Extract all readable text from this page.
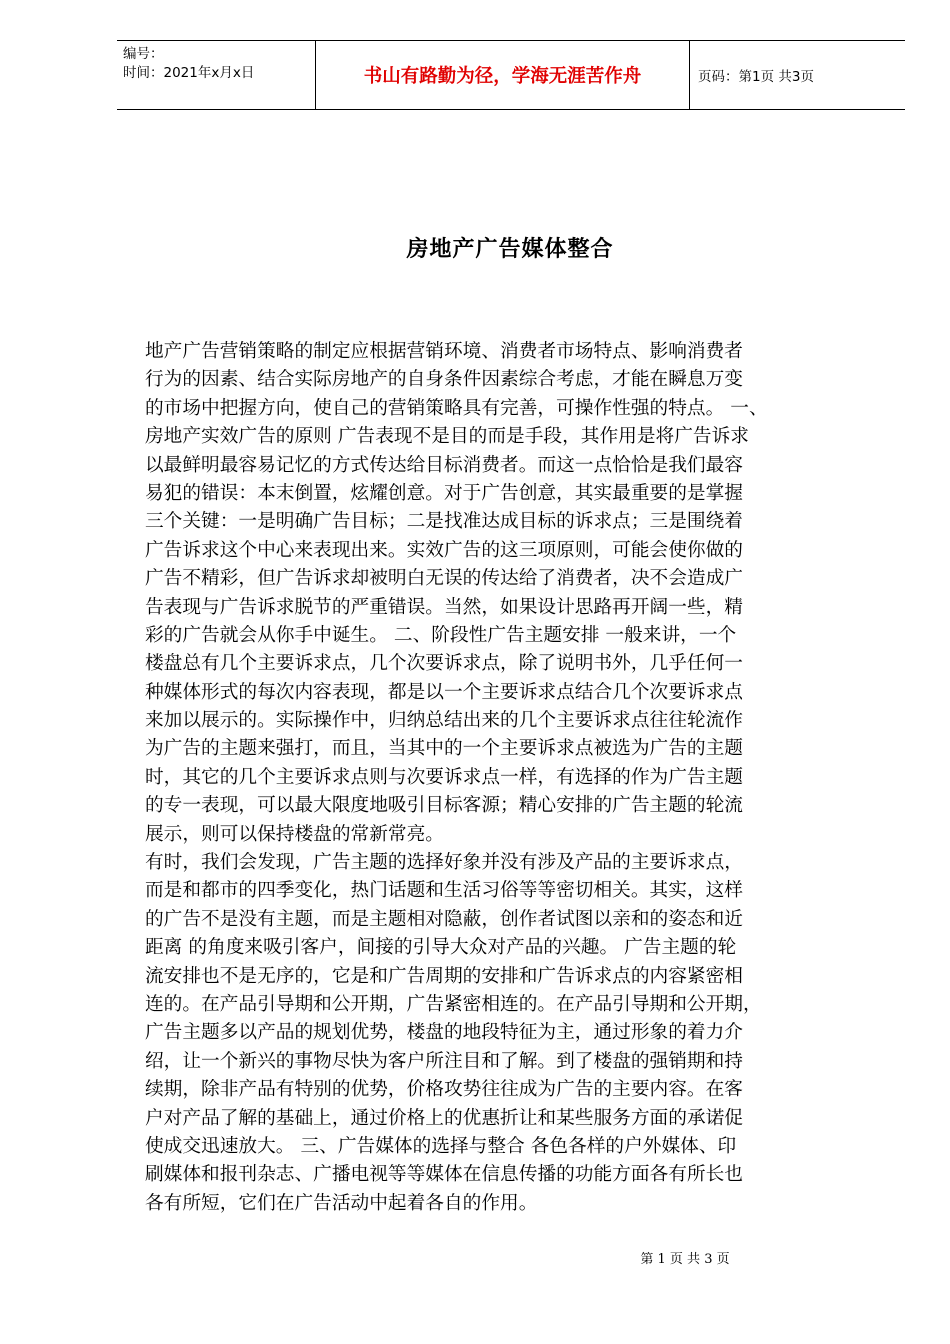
编号：
时间：2021年x月x日	书山有路勤为径，学海无涯苦作舟	页码：第1页 共3页
房地产广告媒体整合
地产广告营销策略的制定应根据营销环境、消费者市场特点、影响消费者
行为的因素、结合实际房地产的自身条件因素综合考虑，才能在瞬息万变
的市场中把握方向，使自己的营销策略具有完善，可操作性强的特点。 一、
房地产实效广告的原则 广告表现不是目的而是手段，其作用是将广告诉求
以最鲜明最容易记忆的方式传达给目标消费者。而这一点恰恰是我们最容
易犯的错误：本末倒置，炫耀创意。对于广告创意，其实最重要的是掌握
三个关键：一是明确广告目标；二是找准达成目标的诉求点；三是围绕着
广告诉求这个中心来表现出来。实效广告的这三项原则，可能会使你做的
广告不精彩，但广告诉求却被明白无误的传达给了消费者，决不会造成广
告表现与广告诉求脱节的严重错误。当然，如果设计思路再开阔一些，精
彩的广告就会从你手中诞生。 二、阶段性广告主题安排 一般来讲，一个
楼盘总有几个主要诉求点，几个次要诉求点，除了说明书外，几乎任何一
种媒体形式的每次内容表现，都是以一个主要诉求点结合几个次要诉求点
来加以展示的。实际操作中，归纳总结出来的几个主要诉求点往往轮流作
为广告的主题来强打，而且，当其中的一个主要诉求点被选为广告的主题
时，其它的几个主要诉求点则与次要诉求点一样，有选择的作为广告主题
的专一表现，可以最大限度地吸引目标客源；精心安排的广告主题的轮流
展示，则可以保持楼盘的常新常亮。
有时，我们会发现，广告主题的选择好象并没有涉及产品的主要诉求点，
而是和都市的四季变化，热门话题和生活习俗等等密切相关。其实，这样
的广告不是没有主题，而是主题相对隐蔽，创作者试图以亲和的姿态和近
距离 的角度来吸引客户，间接的引导大众对产品的兴趣。 广告主题的轮
流安排也不是无序的，它是和广告周期的安排和广告诉求点的内容紧密相
连的。在产品引导期和公开期，广告紧密相连的。在产品引导期和公开期，
广告主题多以产品的规划优势，楼盘的地段特征为主，通过形象的着力介
绍，让一个新兴的事物尽快为客户所注目和了解。到了楼盘的强销期和持
续期，除非产品有特别的优势，价格攻势往往成为广告的主要内容。在客
户对产品了解的基础上，通过价格上的优惠折让和某些服务方面的承诺促
使成交迅速放大。 三、广告媒体的选择与整合 各色各样的户外媒体、印
刷媒体和报刊杂志、广播电视等等媒体在信息传播的功能方面各有所长也
各有所短，它们在广告活动中起着各自的作用。
第 1 页 共 3 页
